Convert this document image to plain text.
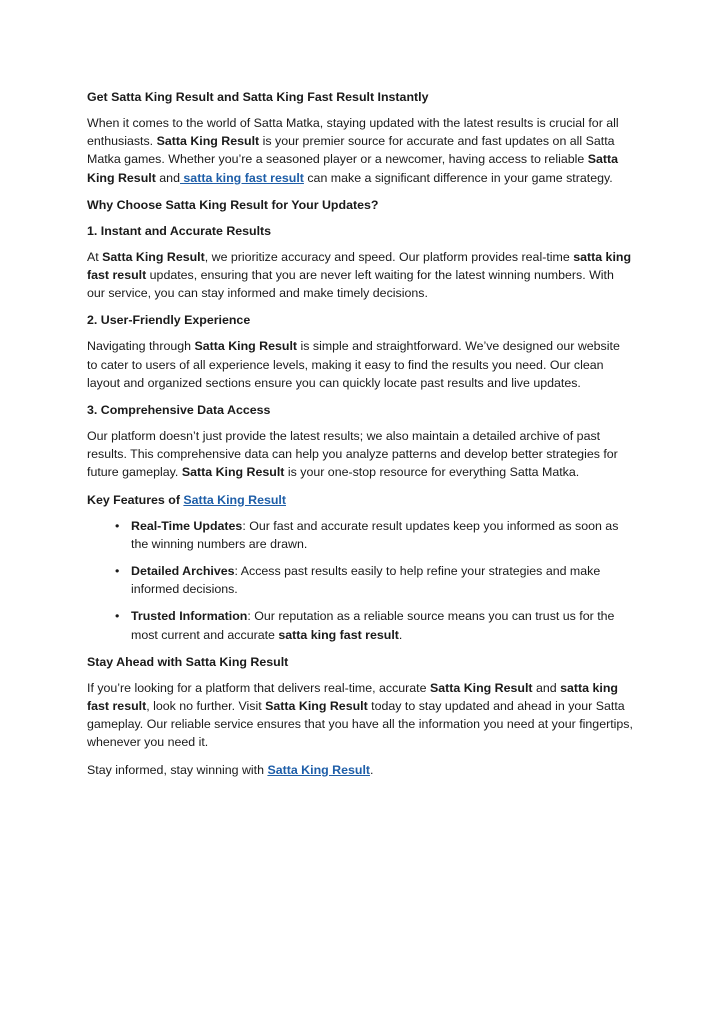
Get Satta King Result and Satta King Fast Result Instantly

When it comes to the world of Satta Matka, staying updated with the latest results is crucial for all enthusiasts. Satta King Result is your premier source for accurate and fast updates on all Satta Matka games. Whether you’re a seasoned player or a newcomer, having access to reliable Satta King Result and satta king fast result can make a significant difference in your game strategy.

Why Choose Satta King Result for Your Updates?
1. Instant and Accurate Results

At Satta King Result, we prioritize accuracy and speed. Our platform provides real-time satta king fast result updates, ensuring that you are never left waiting for the latest winning numbers. With our service, you can stay informed and make timely decisions.

2. User-Friendly Experience

Navigating through Satta King Result is simple and straightforward. We’ve designed our website to cater to users of all experience levels, making it easy to find the results you need. Our clean layout and organized sections ensure you can quickly locate past results and live updates.

3. Comprehensive Data Access

Our platform doesn’t just provide the latest results; we also maintain a detailed archive of past results. This comprehensive data can help you analyze patterns and develop better strategies for future gameplay. Satta King Result is your one-stop resource for everything Satta Matka.

Key Features of Satta King Result
• Real-Time Updates: Our fast and accurate result updates keep you informed as soon as the winning numbers are drawn.
• Detailed Archives: Access past results easily to help refine your strategies and make informed decisions.
• Trusted Information: Our reputation as a reliable source means you can trust us for the most current and accurate satta king fast result.
Stay Ahead with Satta King Result

If you’re looking for a platform that delivers real-time, accurate Satta King Result and satta king fast result, look no further. Visit Satta King Result today to stay updated and ahead in your Satta gameplay. Our reliable service ensures that you have all the information you need at your fingertips, whenever you need it.

Stay informed, stay winning with Satta King Result.
